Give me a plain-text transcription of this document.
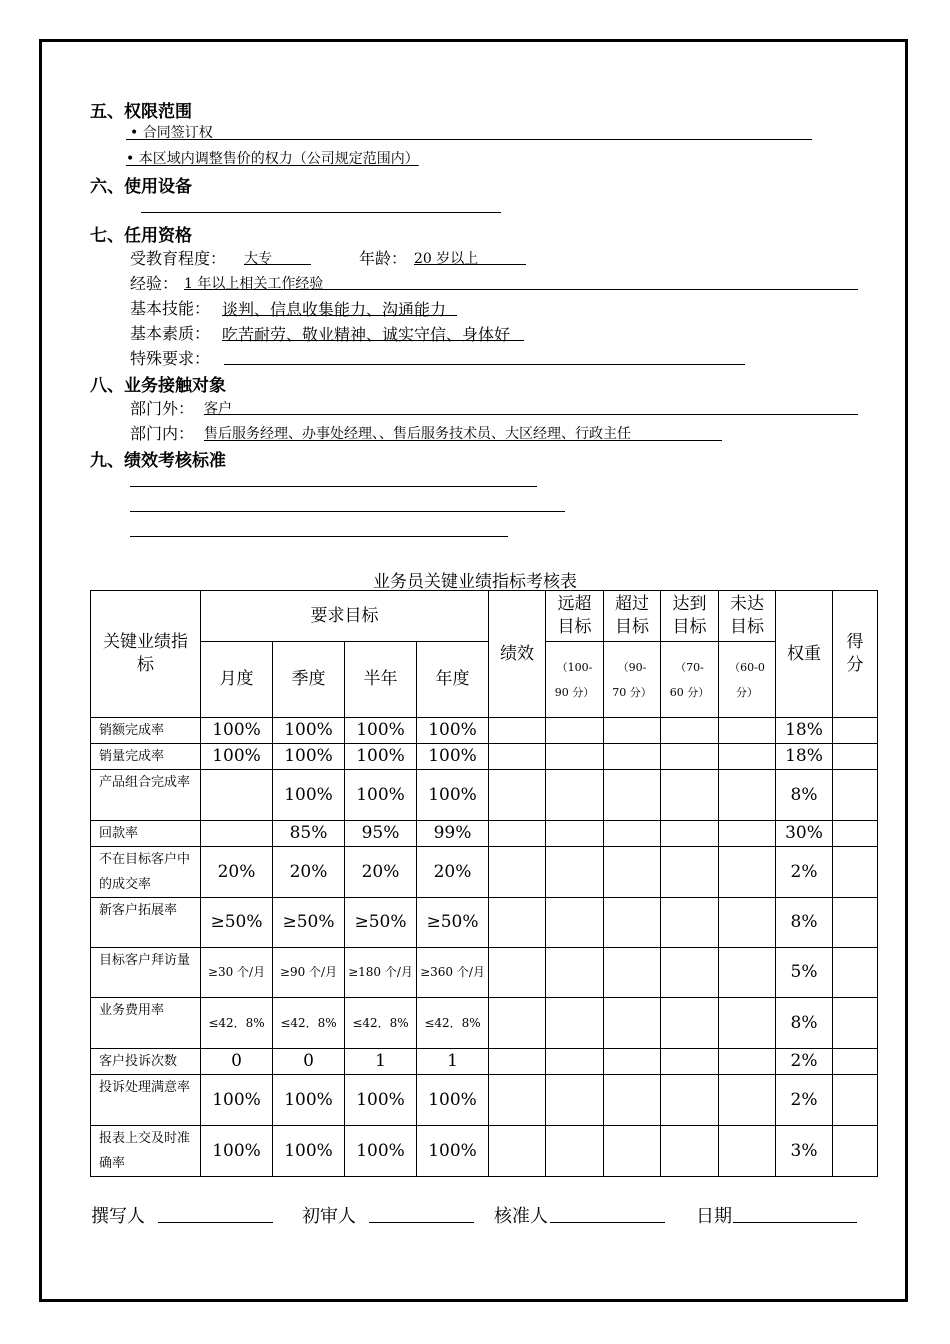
五、权限范围
• 合同签订权
• 本区域内调整售价的权力（公司规定范围内）
六、使用设备
七、任用资格
受教育程度： 大专	年龄： 20 岁以上
经验： 1 年以上相关工作经验
基本技能： 谈判、信息收集能力、沟通能力
基本素质： 吃苦耐劳、敬业精神、诚实守信、身体好
特殊要求：
八、业务接触对象
部门外： 客户
部门内： 售后服务经理、办事处经理、、售后服务技术员、大区经理、行政主任
九、绩效考核标准
业务员关键业绩指标考核表
关键业绩指标	要求目标				绩效	远超目标	超过目标	达到目标	未达目标	权重	得分
	月度	季度	半年	年度		（100-90 分）	（90-70 分）	（70-60 分）	（60-0 分）		
销额完成率	100%	100%	100%	100%						18%	
销量完成率	100%	100%	100%	100%						18%	
产品组合完成率		100%	100%	100%						8%	
回款率		85%	95%	99%						30%	
不在目标客户中的成交率	20%	20%	20%	20%						2%	
新客户拓展率	≥50%	≥50%	≥50%	≥50%						8%	
目标客户拜访量	≥30 个/月	≥90 个/月	≥180 个/月	≥360 个/月						5%	
业务费用率	≤42．8%	≤42．8%	≤42．8%	≤42．8%						8%	
客户投诉次数	0	0	1	1						2%	
投诉处理满意率	100%	100%	100%	100%						2%	
报表上交及时准确率	100%	100%	100%	100%						3%	
撰写人	初审人	核准人	日期
